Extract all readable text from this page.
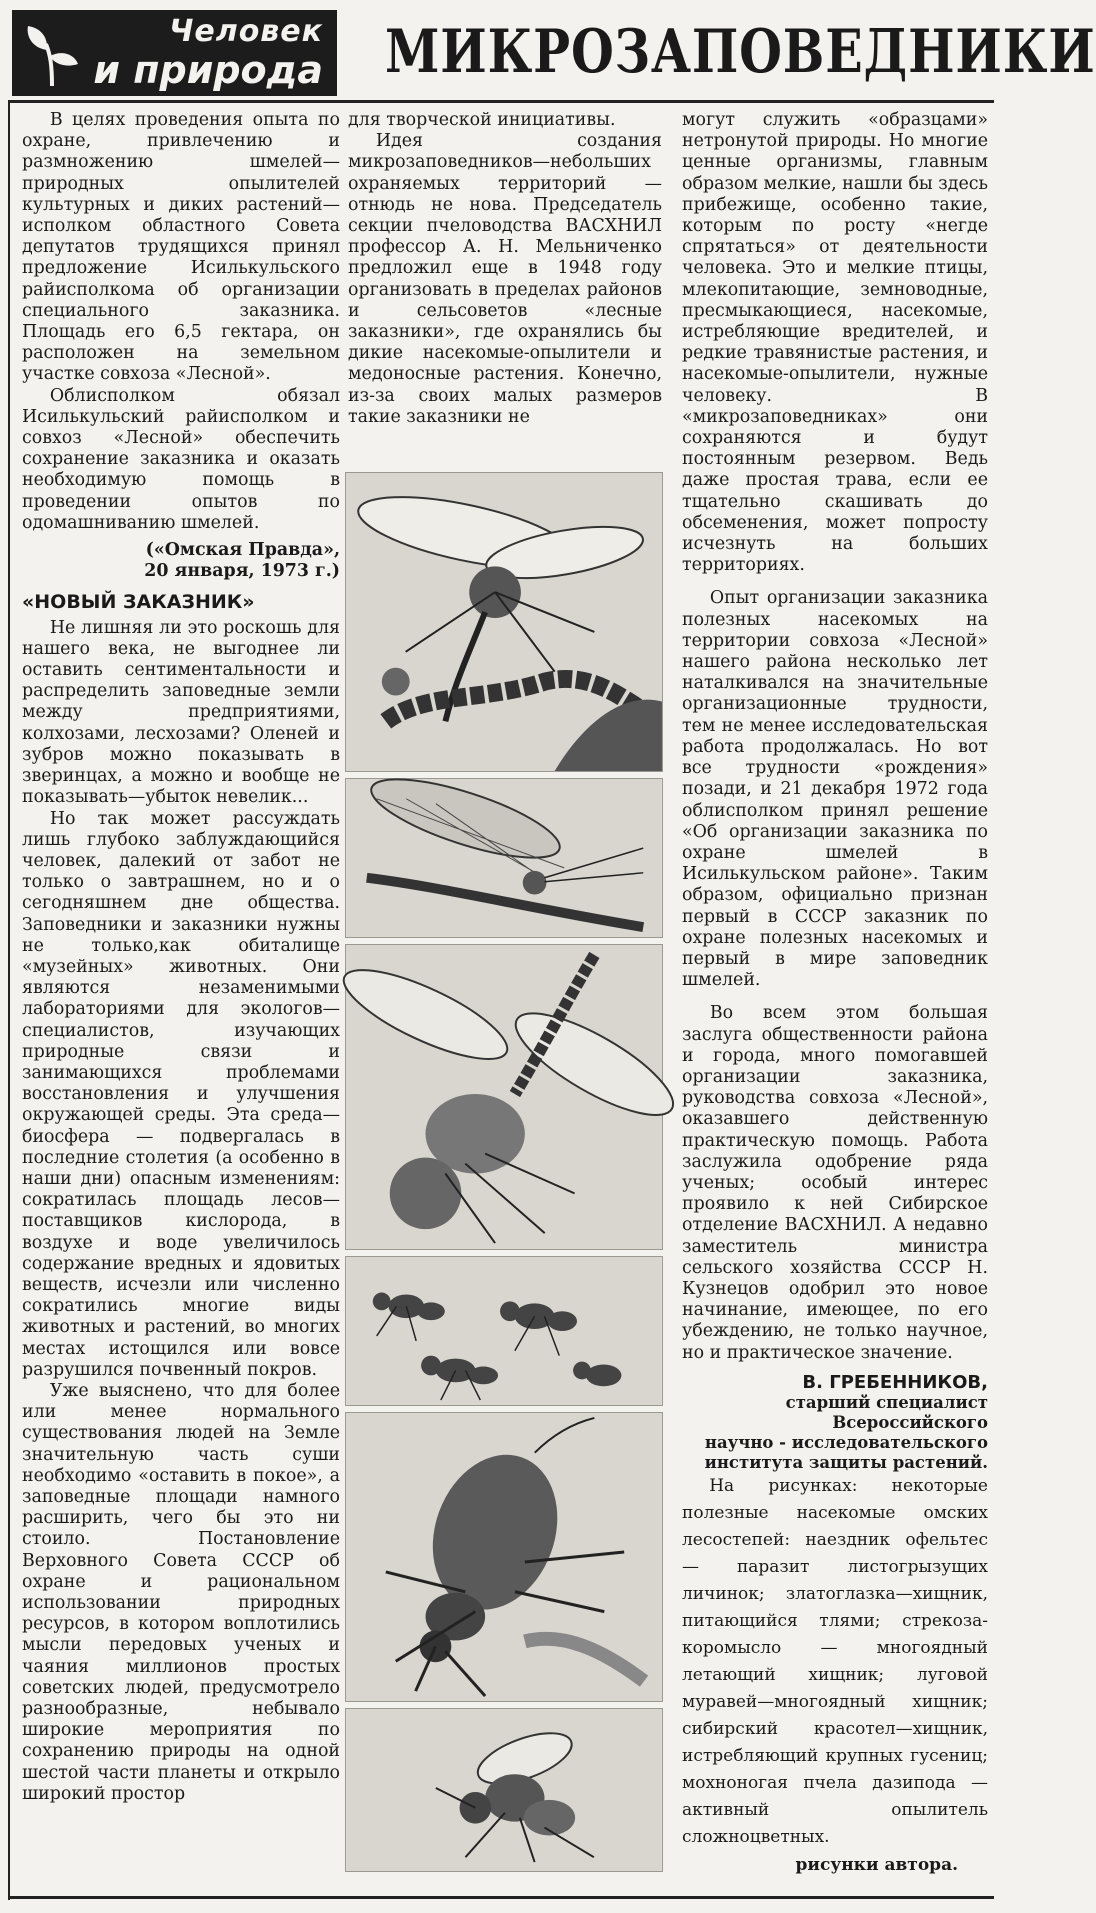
Человек
и природа МИКРОЗАПОВЕДНИКИ

В целях проведения опыта по охране, привлечению и размножению шмелей—природных опылителей культурных и диких растений—исполком областного Совета депутатов трудящихся принял предложение Исилькульского райисполкома об организации специального заказника. Площадь его 6,5 гектара, он расположен на земельном участке совхоза «Лесной».

Облисполком обязал Исилькульский райисполком и совхоз «Лесной» обеспечить сохранение заказника и оказать необходимую помощь в проведении опытов по одомашниванию шмелей.

(«Омская Правда»,
20 января, 1973 г.)
«НОВЫЙ ЗАКАЗНИК»

Не лишняя ли это роскошь для нашего века, не выгоднее ли оставить сентиментальности и распределить заповедные земли между предприятиями, колхозами, лесхозами? Оленей и зубров можно показывать в зверинцах, а можно и вообще не показывать—убыток невелик...

Но так может рассуждать лишь глубоко заблуждающийся человек, далекий от забот не только о завтрашнем, но и о сегодняшнем дне общества. Заповедники и заказники нужны не только,как обиталище «музейных» животных. Они являются незаменимыми лабораториями для экологов—специалистов, изучающих природные связи и занимающихся проблемами восстановления и улучшения окружающей среды. Эта среда—биосфера — подвергалась в последние столетия (а особенно в наши дни) опасным изменениям: сократилась площадь лесов—поставщиков кислорода, в воздухе и воде увеличилось содержание вредных и ядовитых веществ, исчезли или численно сократились многие виды животных и растений, во многих местах истощился или вовсе разрушился почвенный покров.

Уже выяснено, что для более или менее нормального существования людей на Земле значительную часть суши необходимо «оставить в покое», а заповедные площади намного расширить, чего бы это ни стоило. Постановление Верховного Совета СССР об охране и рациональном использовании природных ресурсов, в котором воплотились мысли передовых ученых и чаяния миллионов простых советских людей, предусмотрело разнообразные, небывало широкие мероприятия по сохранению природы на одной шестой части планеты и открыло широкий простор

для творческой инициативы.

Идея создания микрозаповедников—небольших охраняемых территорий — отнюдь не нова. Председатель секции пчеловодства ВАСХНИЛ профессор А. Н. Мельниченко предложил еще в 1948 году организовать в пределах районов и сельсоветов «лесные заказники», где охранялись бы дикие насекомые-опылители и медоносные растения. Конечно, из-за своих малых размеров такие заказники не

могут служить «образцами» нетронутой природы. Но многие ценные организмы, главным образом мелкие, нашли бы здесь прибежище, особенно такие, которым по росту «негде спрятаться» от деятельности человека. Это и мелкие птицы, млекопитающие, земноводные, пресмыкающиеся, насекомые, истребляющие вредителей, и редкие травянистые растения, и насекомые-опылители, нужные человеку. В «микрозаповедниках» они сохраняются и будут постоянным резервом. Ведь даже простая трава, если ее тщательно скашивать до обсеменения, может попросту исчезнуть на больших территориях.

Опыт организации заказника полезных насекомых на территории совхоза «Лесной» нашего района несколько лет наталкивался на значительные организационные трудности, тем не менее исследовательская работа продолжалась. Но вот все трудности «рождения» позади, и 21 декабря 1972 года облисполком принял решение «Об организации заказника по охране шмелей в Исилькульском районе». Таким образом, официально признан первый в СССР заказник по охране полезных насекомых и первый в мире заповедник шмелей.

Во всем этом большая заслуга общественности района и города, много помогавшей организации заказника, руководства совхоза «Лесной», оказавшего действенную практическую помощь. Работа заслужила одобрение ряда ученых; особый интерес проявило к ней Сибирское отделение ВАСХНИЛ. А недавно заместитель министра сельского хозяйства СССР Н. Кузнецов одобрил это новое начинание, имеющее, по его убеждению, не только научное, но и практическое значение.

В. ГРЕБЕННИКОВ,
старший специалист
Всероссийского
научно - исследовательского
института защиты растений.

На рисунках: некоторые полезные насекомые омских лесостепей: наездник офельтес — паразит листогрызущих личинок; златоглазка—хищник, питающийся тлями; стрекоза-коромысло — многоядный летающий хищник; луговой муравей—многоядный хищник; сибирский красотел—хищник, истребляющий крупных гусениц; мохноногая пчела дазипода — активный опылитель сложноцветных.

рисунки автора.
